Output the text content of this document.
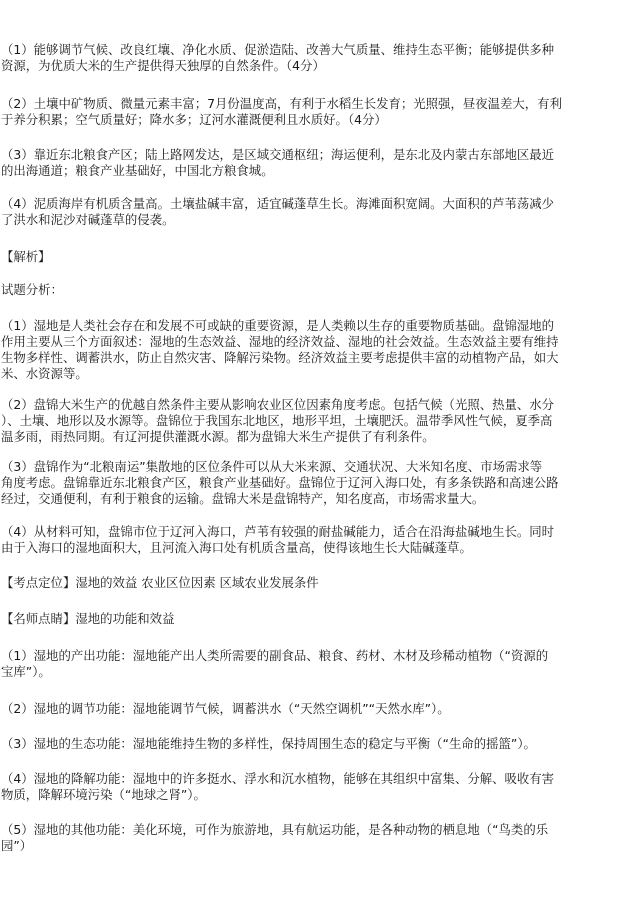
（1）能够调节气候、改良红壤、净化水质、促淤造陆、改善大气质量、维持生态平衡；能够提供多种
资源，为优质大米的生产提供得天独厚的自然条件。（4分）
（2）土壤中矿物质、微量元素丰富；7月份温度高，有利于水稻生长发育；光照强，昼夜温差大，有利
于养分积累；空气质量好；降水多；辽河水灌溉便利且水质好。（4分）
（3）靠近东北粮食产区；陆上路网发达，是区域交通枢纽；海运便利，是东北及内蒙古东部地区最近
的出海通道；粮食产业基础好，中国北方粮食城。
（4）泥质海岸有机质含量高。土壤盐碱丰富，适宜碱蓬草生长。海滩面积宽阔。大面积的芦苇荡减少
了洪水和泥沙对碱蓬草的侵袭。
【解析】
试题分析：
（1）湿地是人类社会存在和发展不可或缺的重要资源，是人类赖以生存的重要物质基础。盘锦湿地的
作用主要从三个方面叙述：湿地的生态效益、湿地的经济效益、湿地的社会效益。生态效益主要有维持
生物多样性、调蓄洪水，防止自然灾害、降解污染物。经济效益主要考虑提供丰富的动植物产品，如大
米、水资源等。
（2）盘锦大米生产的优越自然条件主要从影响农业区位因素角度考虑。包括气候（光照、热量、水分
）、土壤、地形以及水源等。盘锦位于我国东北地区，地形平坦，土壤肥沃。温带季风性气候，夏季高
温多雨，雨热同期。有辽河提供灌溉水源。都为盘锦大米生产提供了有利条件。
（3）盘锦作为“北粮南运”集散地的区位条件可以从大米来源、交通状况、大米知名度、市场需求等
角度考虑。盘锦靠近东北粮食产区，粮食产业基础好。盘锦位于辽河入海口处，有多条铁路和高速公路
经过，交通便利，有利于粮食的运输。盘锦大米是盘锦特产，知名度高，市场需求量大。
（4）从材料可知，盘锦市位于辽河入海口，芦苇有较强的耐盐碱能力，适合在沿海盐碱地生长。同时
由于入海口的湿地面积大，且河流入海口处有机质含量高，使得该地生长大陆碱蓬草。
【考点定位】湿地的效益 农业区位因素 区域农业发展条件
【名师点睛】湿地的功能和效益
（1）湿地的产出功能：湿地能产出人类所需要的副食品、粮食、药材、木材及珍稀动植物（“资源的
宝库”）。
（2）湿地的调节功能：湿地能调节气候，调蓄洪水（“天然空调机”“天然水库”）。
（3）湿地的生态功能：湿地能维持生物的多样性，保持周围生态的稳定与平衡（“生命的摇篮”）。
（4）湿地的降解功能：湿地中的许多挺水、浮水和沉水植物，能够在其组织中富集、分解、吸收有害
物质，降解环境污染（“地球之肾”）。
（5）湿地的其他功能：美化环境，可作为旅游地，具有航运功能，是各种动物的栖息地（“鸟类的乐
园”）
